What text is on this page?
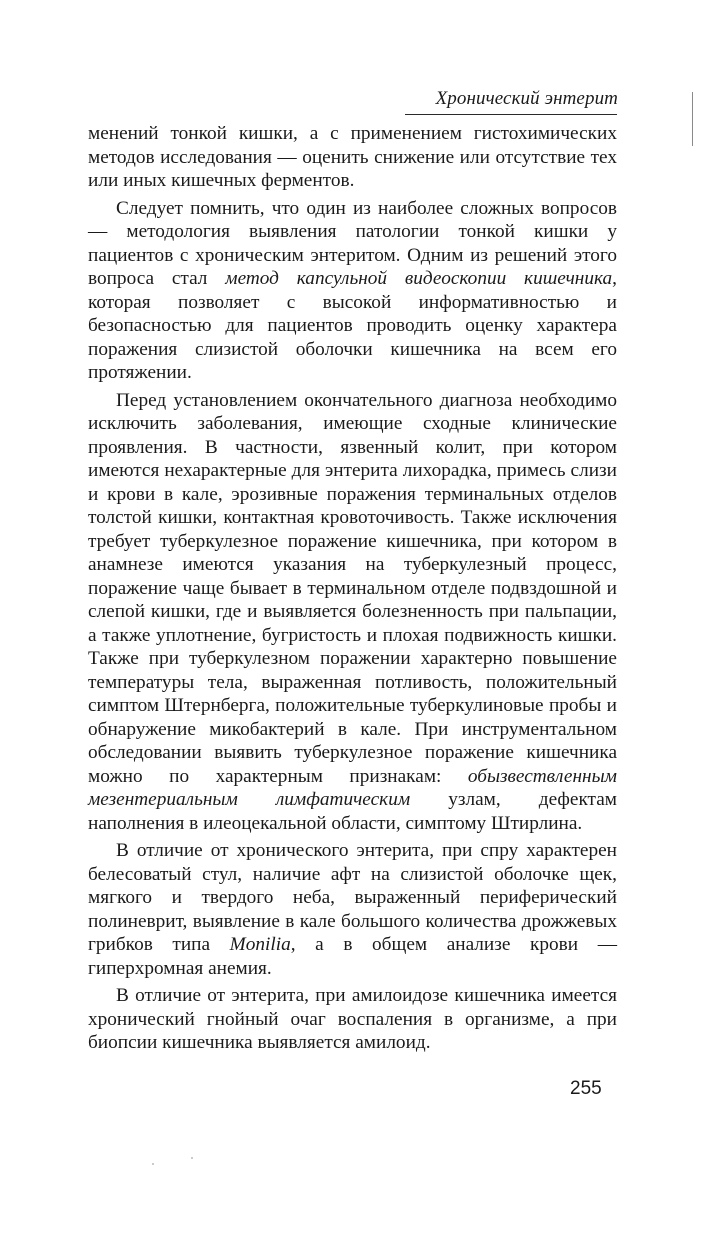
Хронический энтерит

менений тонкой кишки, а с применением гистохимических методов исследования — оценить снижение или отсутствие тех или иных кишечных ферментов.

Следует помнить, что один из наиболее сложных вопросов — методология выявления патологии тонкой кишки у пациентов с хроническим энтеритом. Одним из решений этого вопроса стал метод капсульной видеоскопии кишечника, которая позволяет с высокой информативностью и безопасностью для пациентов проводить оценку характера поражения слизистой оболочки кишечника на всем его протяжении.

Перед установлением окончательного диагноза необходимо исключить заболевания, имеющие сходные клинические проявления. В частности, язвенный колит, при котором имеются нехарактерные для энтерита лихорадка, примесь слизи и крови в кале, эрозивные поражения терминальных отделов толстой кишки, контактная кровоточивость. Также исключения требует туберкулезное поражение кишечника, при котором в анамнезе имеются указания на туберкулезный процесс, поражение чаще бывает в терминальном отделе подвздошной и слепой кишки, где и выявляется болезненность при пальпации, а также уплотнение, бугристость и плохая подвижность кишки. Также при туберкулезном поражении характерно повышение температуры тела, выраженная потливость, положительный симптом Штернберга, положительные туберкулиновые пробы и обнаружение микобактерий в кале. При инструментальном обследовании выявить туберкулезное поражение кишечника можно по характерным признакам: обызвествленным мезентериальным лимфатическим узлам, дефектам наполнения в илеоцекальной области, симптому Штирлина.

В отличие от хронического энтерита, при спру характерен белесоватый стул, наличие афт на слизистой оболочке щек, мягкого и твердого неба, выраженный периферический полиневрит, выявление в кале большого количества дрожжевых грибков типа Monilia, а в общем анализе крови — гиперхромная анемия.

В отличие от энтерита, при амилоидозе кишечника имеется хронический гнойный очаг воспаления в организме, а при биопсии кишечника выявляется амилоид.

255
